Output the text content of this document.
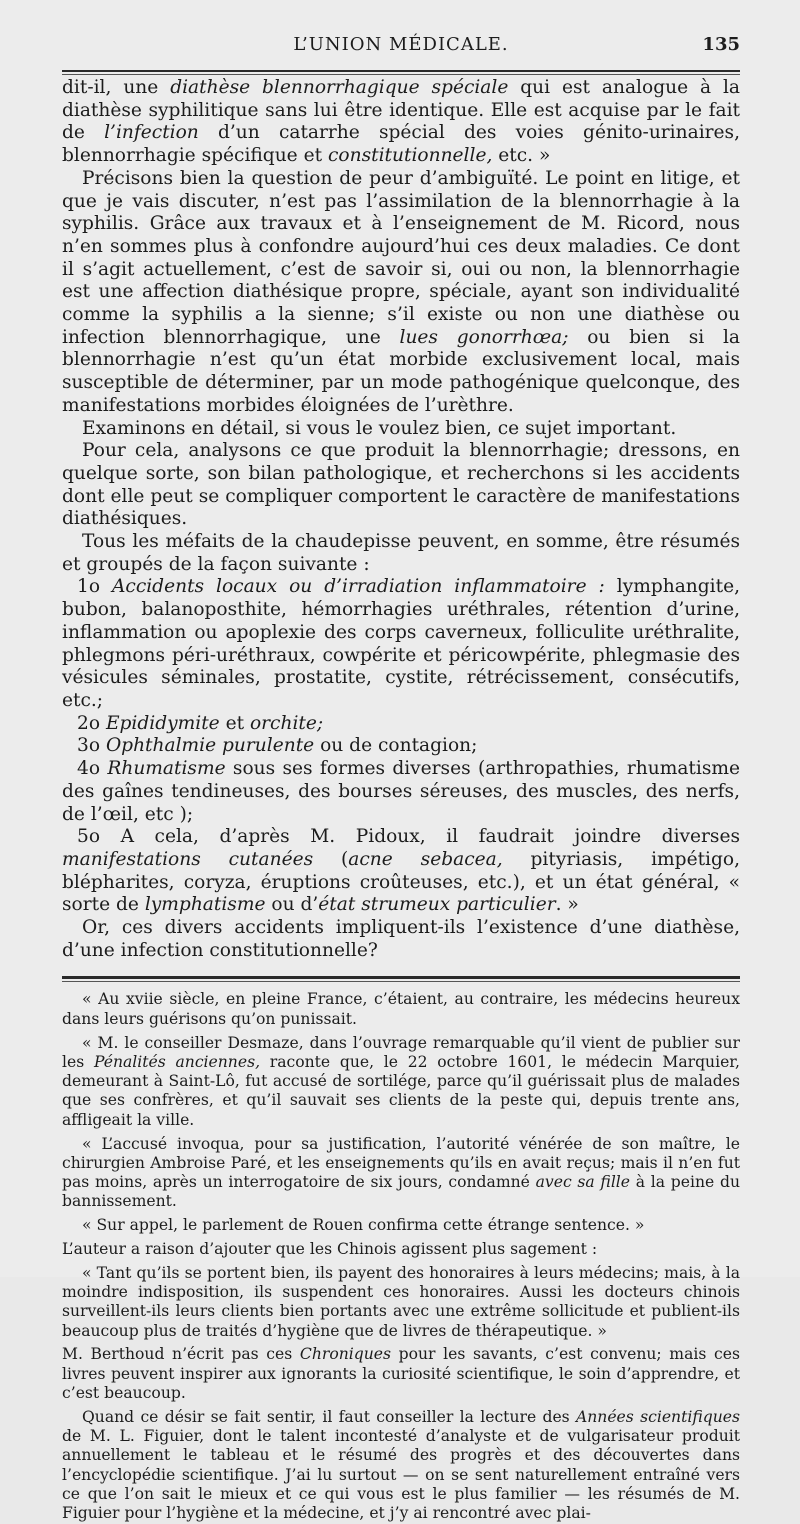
L’UNION MÉDICALE.	135

dit-il, une diathèse blennorrhagique spéciale qui est analogue à la diathèse syphilitique sans lui être identique. Elle est acquise par le fait de l’infection d’un catarrhe spécial des voies génito-urinaires, blennorrhagie spécifique et constitutionnelle, etc. »

Précisons bien la question de peur d’ambiguïté. Le point en litige, et que je vais discuter, n’est pas l’assimilation de la blennorrhagie à la syphilis. Grâce aux travaux et à l’enseignement de M. Ricord, nous n’en sommes plus à confondre aujourd’hui ces deux maladies. Ce dont il s’agit actuellement, c’est de savoir si, oui ou non, la blennorrhagie est une affection diathésique propre, spéciale, ayant son individualité comme la syphilis a la sienne; s’il existe ou non une diathèse ou infection blennorrhagique, une lues gonorrhœa; ou bien si la blennorrhagie n’est qu’un état morbide exclusivement local, mais susceptible de déterminer, par un mode pathogénique quelconque, des manifestations morbides éloignées de l’urèthre.

Examinons en détail, si vous le voulez bien, ce sujet important.

Pour cela, analysons ce que produit la blennorrhagie; dressons, en quelque sorte, son bilan pathologique, et recherchons si les accidents dont elle peut se compliquer comportent le caractère de manifestations diathésiques.

Tous les méfaits de la chaudepisse peuvent, en somme, être résumés et groupés de la façon suivante :

1o Accidents locaux ou d’irradiation inflammatoire : lymphangite, bubon, balanoposthite, hémorrhagies uréthrales, rétention d’urine, inflammation ou apoplexie des corps caverneux, folliculite uréthralite, phlegmons péri-uréthraux, cowpérite et péricowpérite, phlegmasie des vésicules séminales, prostatite, cystite, rétrécissement, consécutifs, etc.;

2o Epididymite et orchite;

3o Ophthalmie purulente ou de contagion;

4o Rhumatisme sous ses formes diverses (arthropathies, rhumatisme des gaînes tendineuses, des bourses séreuses, des muscles, des nerfs, de l’œil, etc );

5o A cela, d’après M. Pidoux, il faudrait joindre diverses manifestations cutanées (acne sebacea, pityriasis, impétigo, blépharites, coryza, éruptions croûteuses, etc.), et un état général, « sorte de lymphatisme ou d’état strumeux particulier. »

Or, ces divers accidents impliquent-ils l’existence d’une diathèse, d’une infection constitutionnelle?

« Au xviie siècle, en pleine France, c’étaient, au contraire, les médecins heureux dans leurs guérisons qu’on punissait.

« M. le conseiller Desmaze, dans l’ouvrage remarquable qu’il vient de publier sur les Pénalités anciennes, raconte que, le 22 octobre 1601, le médecin Marquier, demeurant à Saint-Lô, fut accusé de sortilége, parce qu’il guérissait plus de malades que ses confrères, et qu’il sauvait ses clients de la peste qui, depuis trente ans, affligeait la ville.

« L’accusé invoqua, pour sa justification, l’autorité vénérée de son maître, le chirurgien Ambroise Paré, et les enseignements qu’ils en avait reçus; mais il n’en fut pas moins, après un interrogatoire de six jours, condamné avec sa fille à la peine du bannissement.

« Sur appel, le parlement de Rouen confirma cette étrange sentence. »

L’auteur a raison d’ajouter que les Chinois agissent plus sagement :

« Tant qu’ils se portent bien, ils payent des honoraires à leurs médecins; mais, à la moindre indisposition, ils suspendent ces honoraires. Aussi les docteurs chinois surveillent-ils leurs clients bien portants avec une extrême sollicitude et publient-ils beaucoup plus de traités d’hygiène que de livres de thérapeutique. »

M. Berthoud n’écrit pas ces Chroniques pour les savants, c’est convenu; mais ces livres peuvent inspirer aux ignorants la curiosité scientifique, le soin d’apprendre, et c’est beaucoup.

Quand ce désir se fait sentir, il faut conseiller la lecture des Années scientifiques de M. L. Figuier, dont le talent incontesté d’analyste et de vulgarisateur produit annuellement le tableau et le résumé des progrès et des découvertes dans l’encyclopédie scientifique. J’ai lu surtout — on se sent naturellement entraîné vers ce que l’on sait le mieux et ce qui vous est le plus familier — les résumés de M. Figuier pour l’hygiène et la médecine, et j’y ai rencontré avec plai-
